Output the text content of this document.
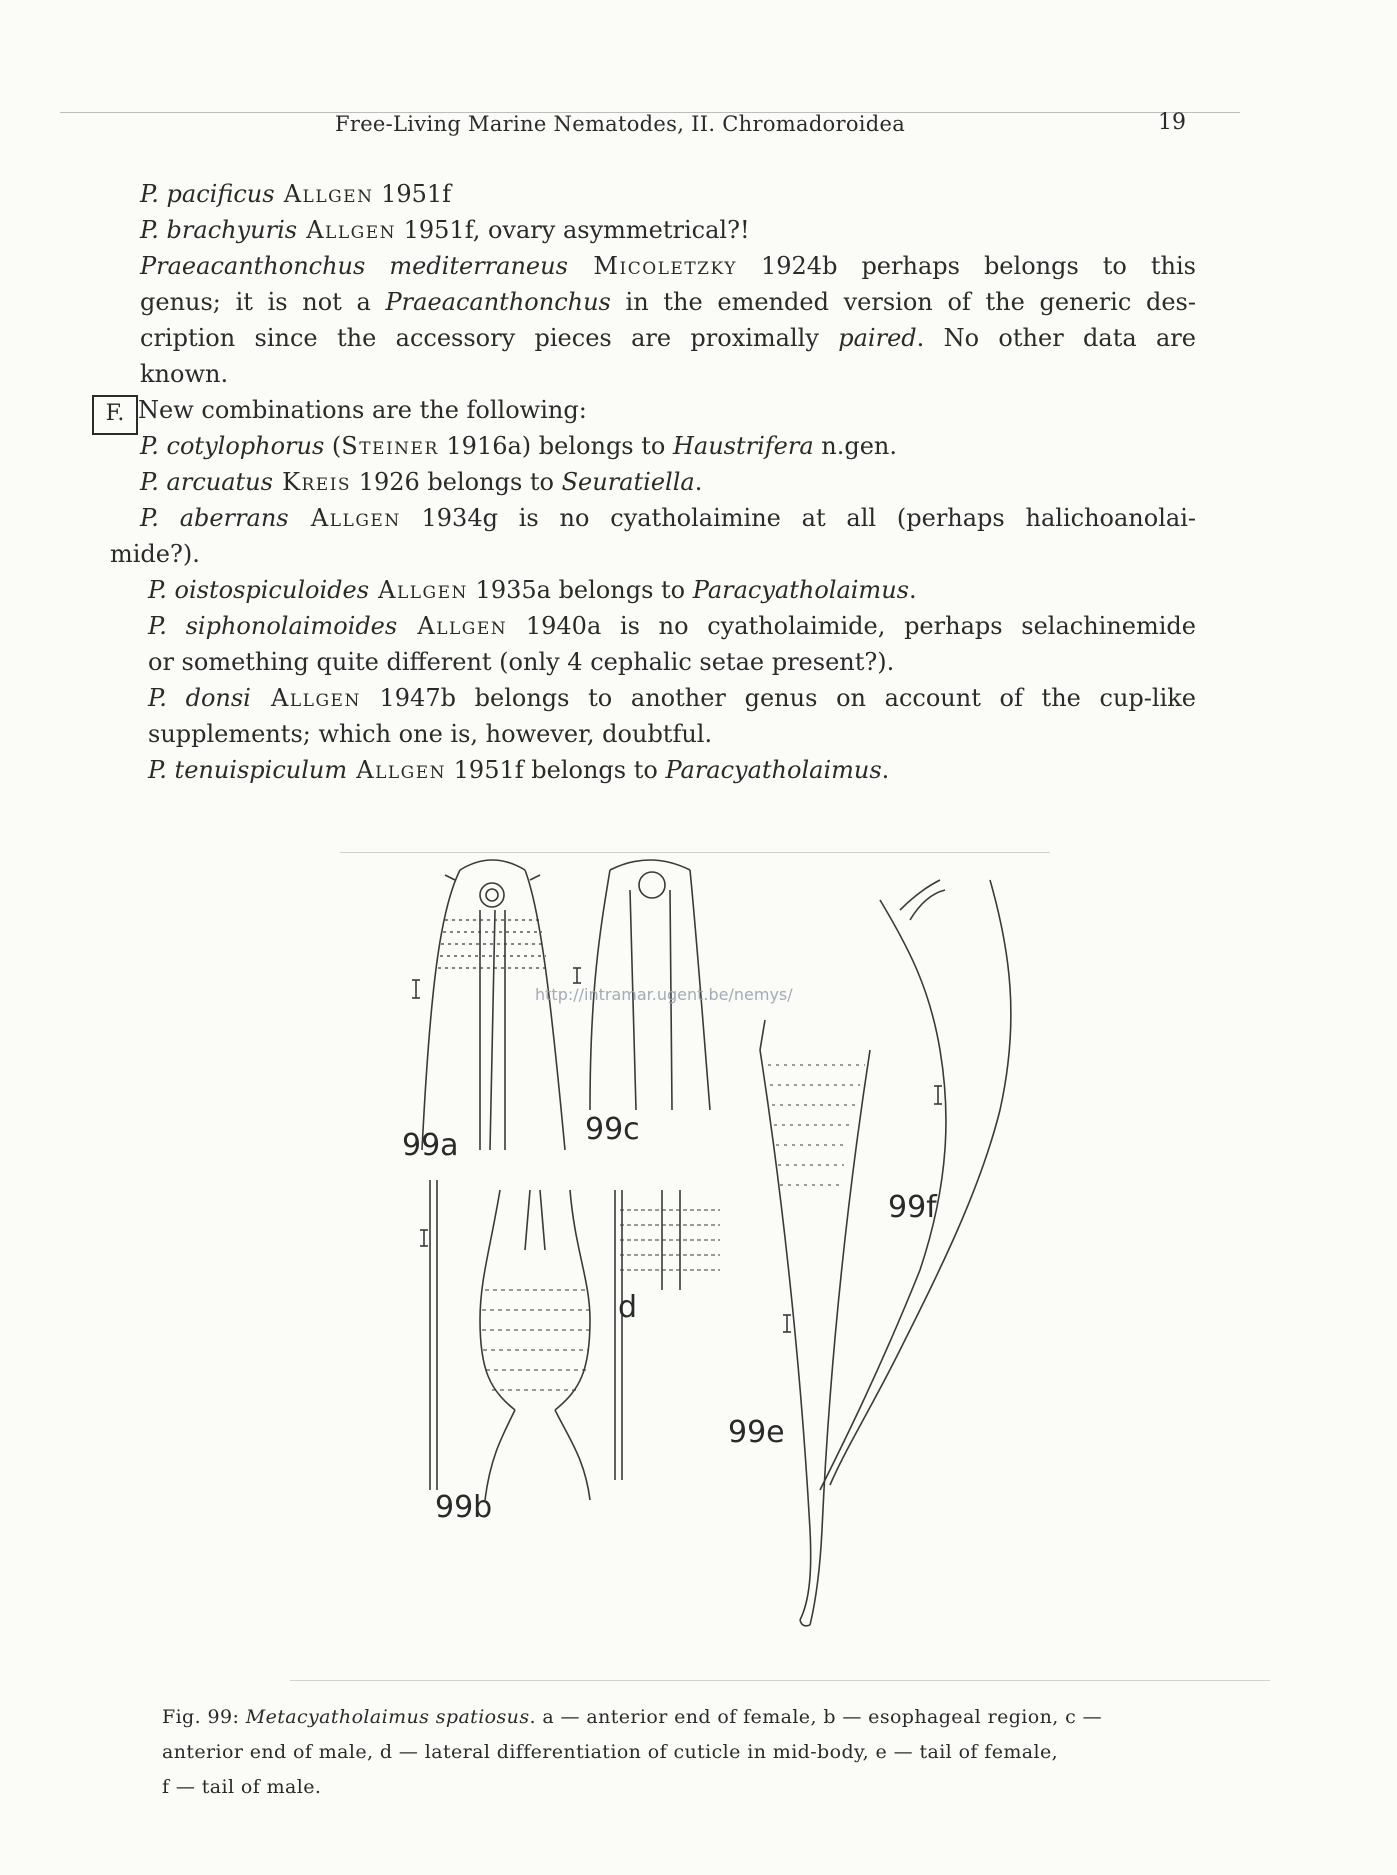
Free-Living Marine Nematodes, II. Chromadoroidea	19
F.
P. pacificus Allgen 1951f
P. brachyuris Allgen 1951f, ovary asymmetrical?!
Praeacanthonchus mediterraneus Micoletzky 1924b perhaps belongs to this
genus; it is not a Praeacanthonchus in the emended version of the generic des-
cription since the accessory pieces are proximally paired. No other data are
known.
New combinations are the following:
P. cotylophorus (Steiner 1916a) belongs to Haustrifera n.gen.
P. arcuatus Kreis 1926 belongs to Seuratiella.
P. aberrans Allgen 1934g is no cyatholaimine at all (perhaps halichoanolai-
mide?).
P. oistospiculoides Allgen 1935a belongs to Paracyatholaimus.
P. siphonolaimoides Allgen 1940a is no cyatholaimide, perhaps selachinemide
or something quite different (only 4 cephalic setae present?).
P. donsi Allgen 1947b belongs to another genus on account of the cup-like
supplements; which one is, however, doubtful.
P. tenuispiculum Allgen 1951f belongs to Paracyatholaimus.
99a	99c
99b
d
99e
99f
http://intramar.ugent.be/nemys/
Fig. 99: Metacyatholaimus spatiosus. a — anterior end of female, b — esophageal region, c —
anterior end of male, d — lateral differentiation of cuticle in mid-body, e — tail of female,
f — tail of male.
